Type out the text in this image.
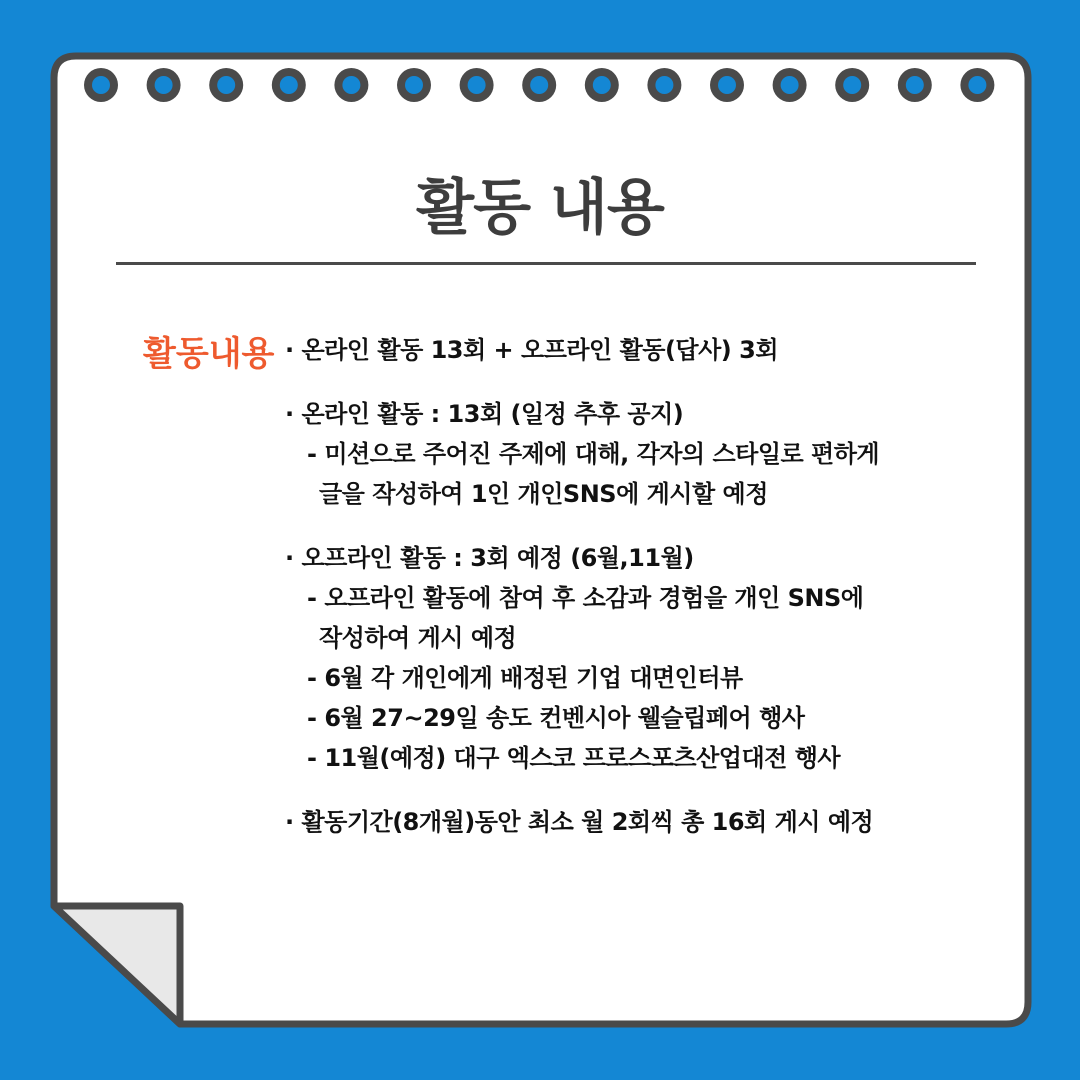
활동 내용
활동내용 · 온라인 활동 13회 + 오프라인 활동(답사) 3회
· 온라인 활동 : 13회 (일정 추후 공지)
- 미션으로 주어진 주제에 대해, 각자의 스타일로 편하게
글을 작성하여 1인 개인SNS에 게시할 예정
· 오프라인 활동 : 3회 예정 (6월,11월)
- 오프라인 활동에 참여 후 소감과 경험을 개인 SNS에
작성하여 게시 예정
- 6월 각 개인에게 배정된 기업 대면인터뷰
- 6월 27~29일 송도 컨벤시아 웰슬립페어 행사
- 11월(예정) 대구 엑스코 프로스포츠산업대전 행사
· 활동기간(8개월)동안 최소 월 2회씩 총 16회 게시 예정
